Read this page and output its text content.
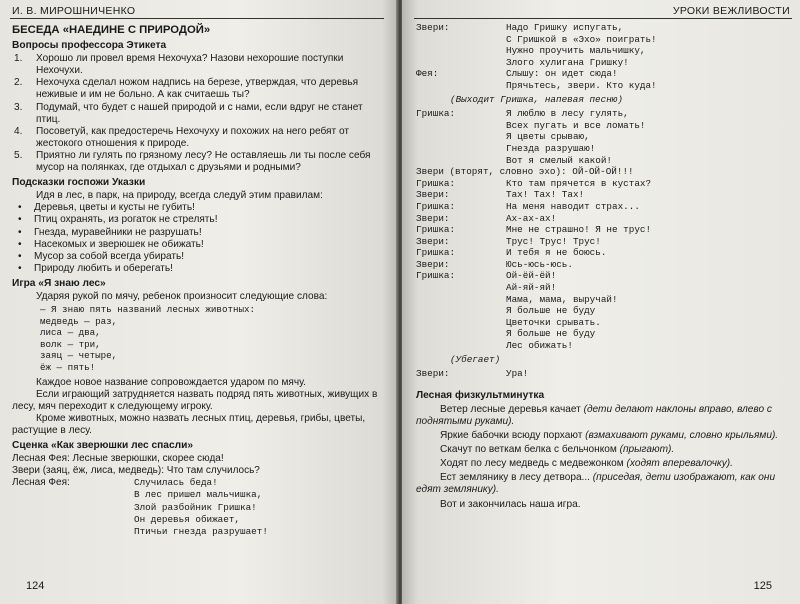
И. В. МИРОШНИЧЕНКО
БЕСЕДА «НАЕДИНЕ С ПРИРОДОЙ»
Вопросы профессора Этикета
1. Хорошо ли провел время Нехочуха? Назови нехорошие поступки Нехочухи.
2. Нехочуха сделал ножом надпись на березе, утверждая, что деревья неживые и им не больно. А как считаешь ты?
3. Подумай, что будет с нашей природой и с нами, если вдруг не станет птиц.
4. Посоветуй, как предостеречь Нехочуху и похожих на него ребят от жестокого отношения к природе.
5. Приятно ли гулять по грязному лесу? Не оставляешь ли ты после себя мусор на полянках, где отдыхал с друзьями и родными?
Подсказки госпожи Указки

Идя в лес, в парк, на природу, всегда следуй этим правилам:

• Деревья, цветы и кусты не губить!
• Птиц охранять, из рогаток не стрелять!
• Гнезда, муравейники не разрушать!
• Насекомых и зверюшек не обижать!
• Мусор за собой всегда убирать!
• Природу любить и оберегать!
Игра «Я знаю лес»

Ударяя рукой по мячу, ребенок произносит следующие слова:

— Я знаю пять названий лесных животных:
медведь — раз,
лиса — два,
волк — три,
заяц — четыре,
ёж — пять!

Каждое новое название сопровождается ударом по мячу.

Если играющий затрудняется назвать подряд пять животных, живущих в лесу, мяч переходит к следующему игроку.

Кроме животных, можно назвать лесных птиц, деревья, грибы, цветы, растущие в лесу.

Сценка «Как зверюшки лес спасли»
Лесная Фея: Лесные зверюшки, скорее сюда!
Звери (заяц, ёж, лиса, медведь): Что там случилось?
Лесная Фея:	Случилась беда!
В лес пришел мальчишка,
Злой разбойник Гришка!
Он деревья обижает,
Птичьи гнезда разрушает!
124
УРОКИ ВЕЖЛИВОСТИ
Звери:	Надо Гришку испугать,
С Гришкой в «Эхо» поиграть!
Нужно проучить мальчишку,
Злого хулигана Гришку!
Фея:	Слышу: он идет сюда!
Прячьтесь, звери. Кто куда!
(Выходит Гришка, напевая песню)
Гришка:	Я люблю в лесу гулять,
Всех пугать и все ломать!
Я цветы срываю,
Гнезда разрушаю!
Вот я смелый какой!
Звери (вторят, словно эхо): ОЙ-ОЙ-ОЙ!!!
Гришка:	Кто там прячется в кустах?
Звери:	Тах! Тах! Тах!
Гришка:	На меня наводит страх...
Звери:	Ах-ах-ах!
Гришка:	Мне не страшно! Я не трус!
Звери:	Трус! Трус! Трус!
Гришка:	И тебя я не боюсь.
Звери:	Юсь-юсь-юсь.
Гришка:	Ой-ёй-ёй!
Ай-яй-яй!
Мама, мама, выручай!
Я больше не буду
Цветочки срывать.
Я больше не буду
Лес обижать!
(Убегает)
Звери:	Ура!
Лесная физкультминутка

Ветер лесные деревья качает (дети делают наклоны вправо, влево с поднятыми руками).

Яркие бабочки всюду порхают (взмахивают руками, словно крыльями).

Скачут по веткам белка с бельчонком (прыгают).

Ходят по лесу медведь с медвежонком (ходят вперевалочку).

Ест землянику в лесу детвора... (приседая, дети изображают, как они едят землянику).

Вот и закончилась наша игра.

125
